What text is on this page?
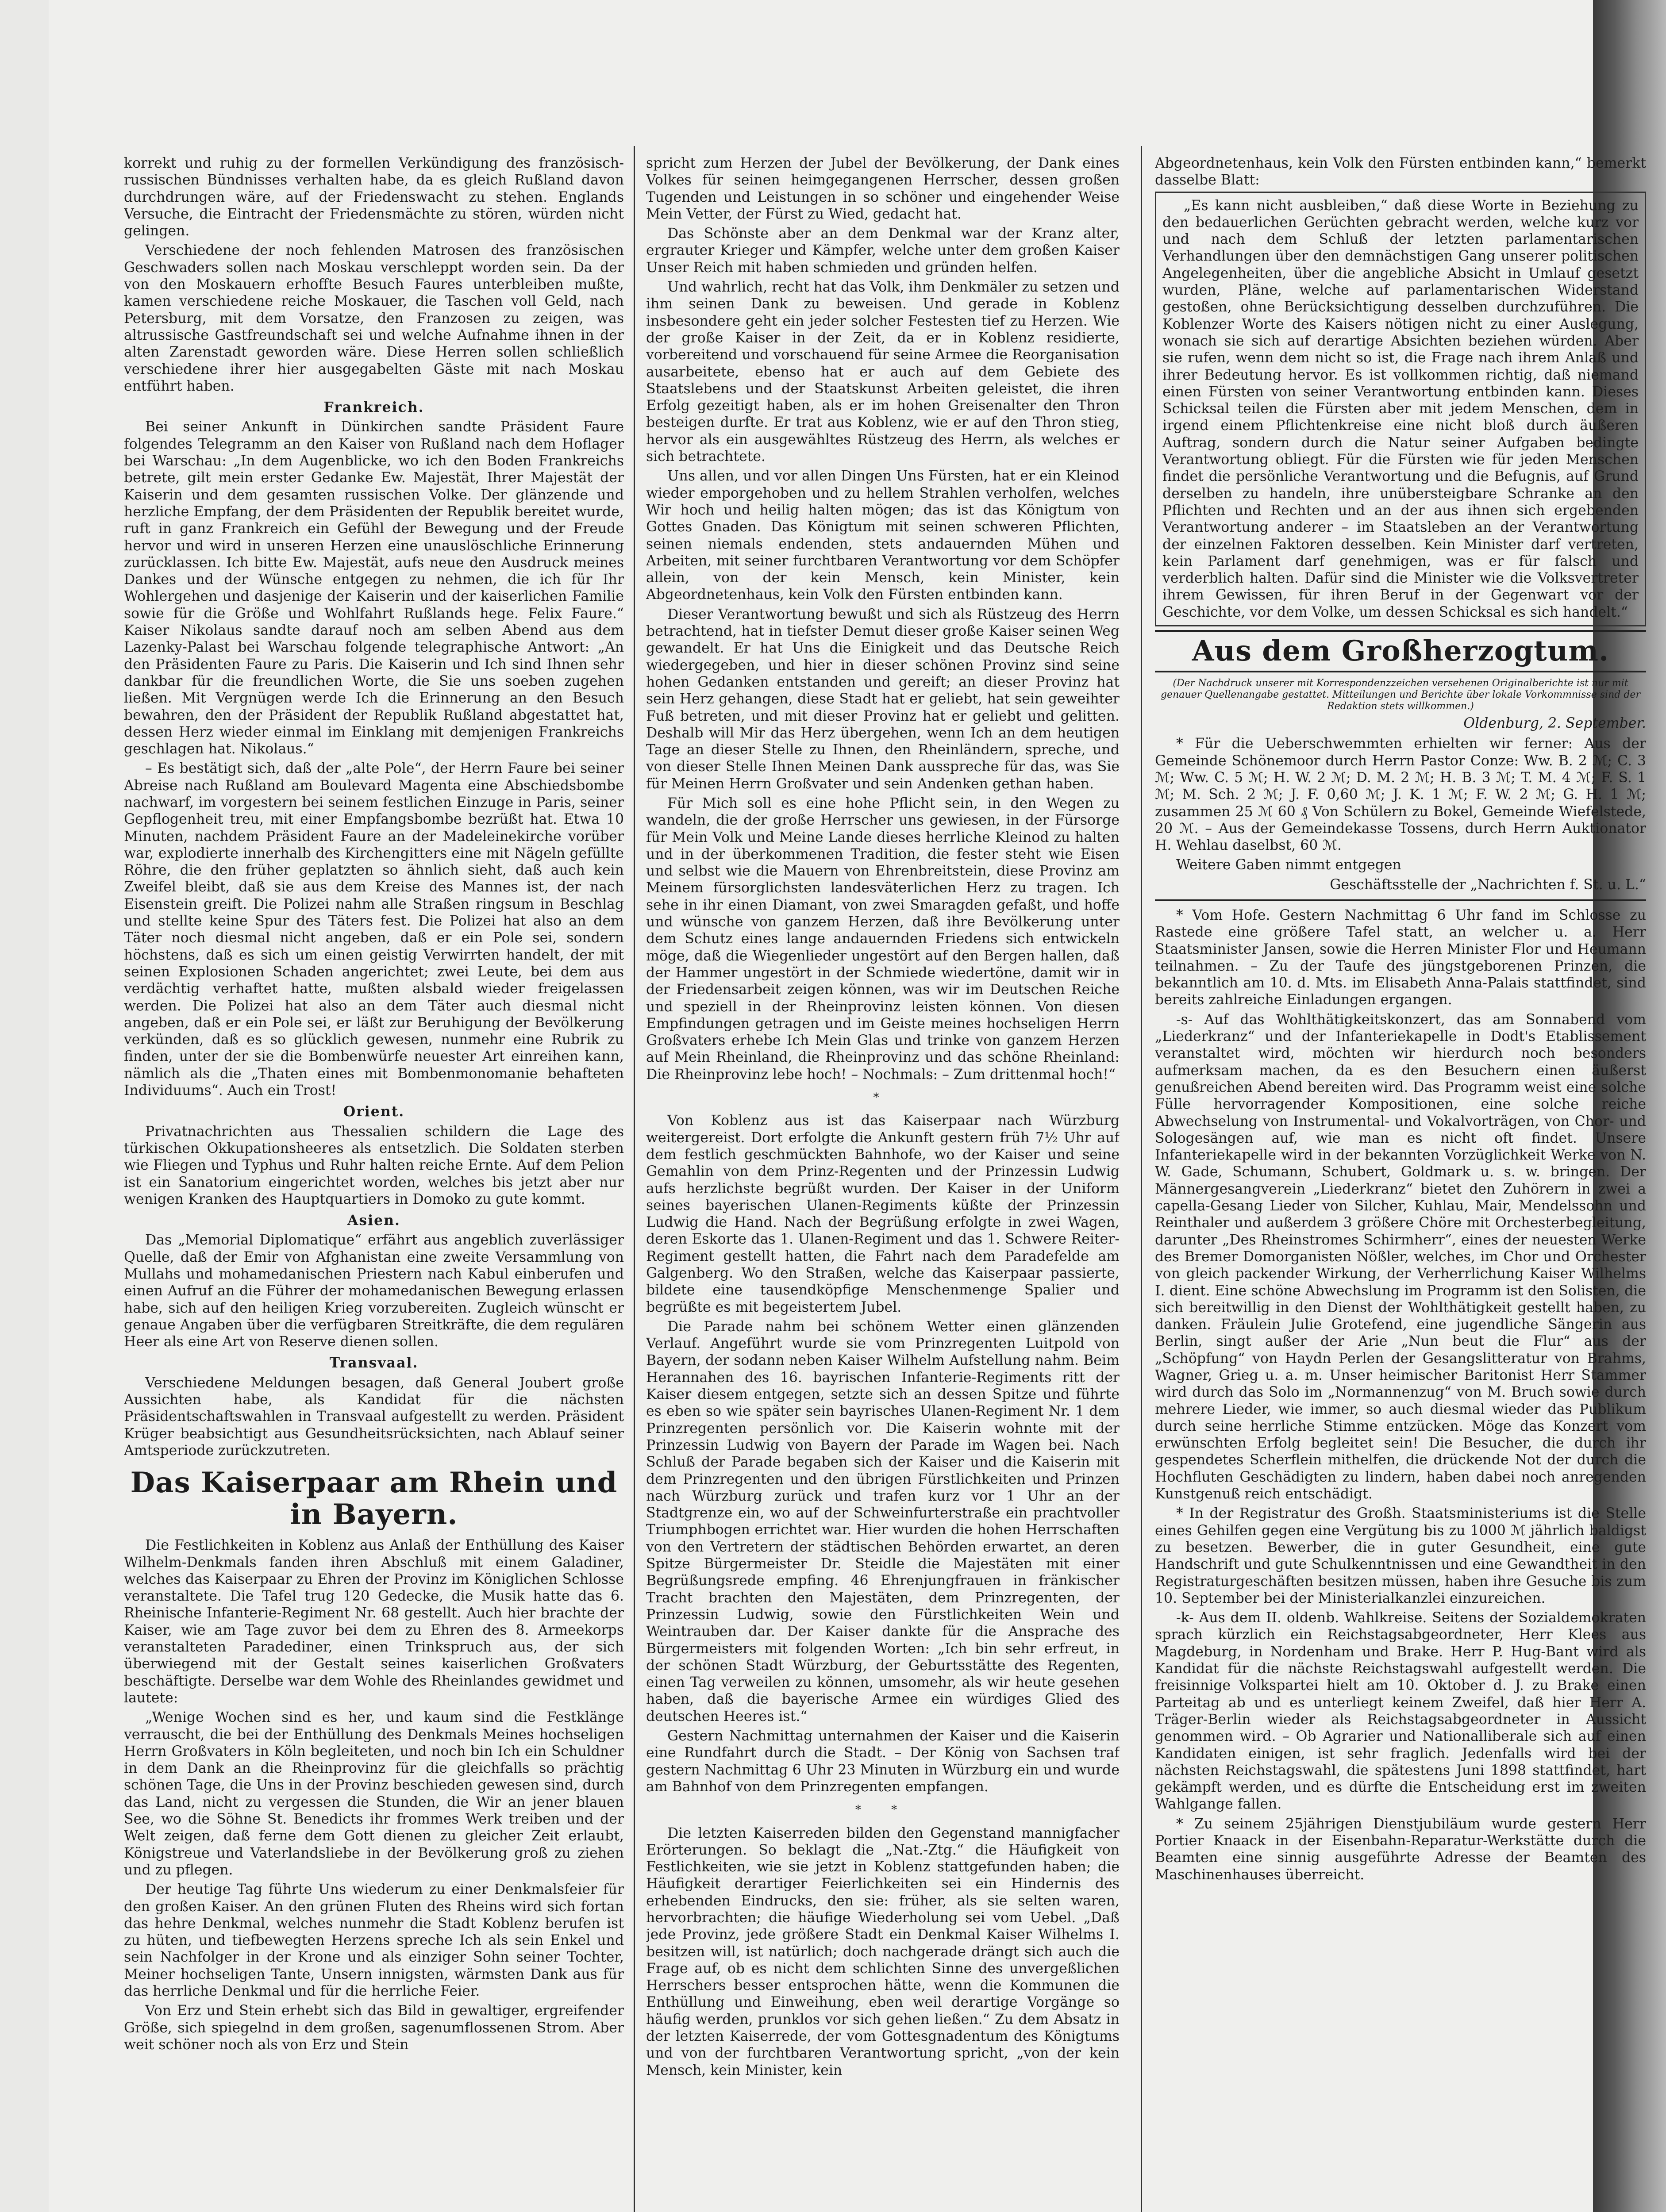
korrekt und ruhig zu der formellen Verkündigung des französisch-russischen Bündnisses verhalten habe, da es gleich Rußland davon durchdrungen wäre, auf der Friedenswacht zu stehen. Englands Versuche, die Eintracht der Friedensmächte zu stören, würden nicht gelingen.

Verschiedene der noch fehlenden Matrosen des französischen Geschwaders sollen nach Moskau verschleppt worden sein. Da der von den Moskauern erhoffte Besuch Faures unterbleiben mußte, kamen verschiedene reiche Moskauer, die Taschen voll Geld, nach Petersburg, mit dem Vorsatze, den Franzosen zu zeigen, was altrussische Gastfreundschaft sei und welche Aufnahme ihnen in der alten Zarenstadt geworden wäre. Diese Herren sollen schließlich verschiedene ihrer hier ausgegabelten Gäste mit nach Moskau entführt haben.

Frankreich.

Bei seiner Ankunft in Dünkirchen sandte Präsident Faure folgendes Telegramm an den Kaiser von Rußland nach dem Hoflager bei Warschau: „In dem Augenblicke, wo ich den Boden Frankreichs betrete, gilt mein erster Gedanke Ew. Majestät, Ihrer Majestät der Kaiserin und dem gesamten russischen Volke. Der glänzende und herzliche Empfang, der dem Präsidenten der Republik bereitet wurde, ruft in ganz Frankreich ein Gefühl der Bewegung und der Freude hervor und wird in unseren Herzen eine unauslöschliche Erinnerung zurücklassen. Ich bitte Ew. Majestät, aufs neue den Ausdruck meines Dankes und der Wünsche entgegen zu nehmen, die ich für Ihr Wohlergehen und dasjenige der Kaiserin und der kaiserlichen Familie sowie für die Größe und Wohlfahrt Rußlands hege. Felix Faure.“ Kaiser Nikolaus sandte darauf noch am selben Abend aus dem Lazenky-Palast bei Warschau folgende telegraphische Antwort: „An den Präsidenten Faure zu Paris. Die Kaiserin und Ich sind Ihnen sehr dankbar für die freundlichen Worte, die Sie uns soeben zugehen ließen. Mit Vergnügen werde Ich die Erinnerung an den Besuch bewahren, den der Präsident der Republik Rußland abgestattet hat, dessen Herz wieder einmal im Einklang mit demjenigen Frankreichs geschlagen hat. Nikolaus.“

– Es bestätigt sich, daß der „alte Pole“, der Herrn Faure bei seiner Abreise nach Rußland am Boulevard Magenta eine Abschiedsbombe nachwarf, im vorgestern bei seinem festlichen Einzuge in Paris, seiner Gepflogenheit treu, mit einer Empfangsbombe bezrüßt hat. Etwa 10 Minuten, nachdem Präsident Faure an der Madeleinekirche vorüber war, explodierte innerhalb des Kirchengitters eine mit Nägeln gefüllte Röhre, die den früher geplatzten so ähnlich sieht, daß auch kein Zweifel bleibt, daß sie aus dem Kreise des Mannes ist, der nach Eisenstein greift. Die Polizei nahm alle Straßen ringsum in Beschlag und stellte keine Spur des Täters fest. Die Polizei hat also an dem Täter noch diesmal nicht angeben, daß er ein Pole sei, sondern höchstens, daß es sich um einen geistig Verwirrten handelt, der mit seinen Explosionen Schaden angerichtet; zwei Leute, bei dem aus verdächtig verhaftet hatte, mußten alsbald wieder freigelassen werden. Die Polizei hat also an dem Täter auch diesmal nicht angeben, daß er ein Pole sei, er läßt zur Beruhigung der Bevölkerung verkünden, daß es so glücklich gewesen, nunmehr eine Rubrik zu finden, unter der sie die Bombenwürfe neuester Art einreihen kann, nämlich als die „Thaten eines mit Bombenmonomanie behafteten Individuums“. Auch ein Trost!

Orient.

Privatnachrichten aus Thessalien schildern die Lage des türkischen Okkupationsheeres als entsetzlich. Die Soldaten sterben wie Fliegen und Typhus und Ruhr halten reiche Ernte. Auf dem Pelion ist ein Sanatorium eingerichtet worden, welches bis jetzt aber nur wenigen Kranken des Hauptquartiers in Domoko zu gute kommt.

Asien.

Das „Memorial Diplomatique“ erfährt aus angeblich zuverlässiger Quelle, daß der Emir von Afghanistan eine zweite Versammlung von Mullahs und mohamedanischen Priestern nach Kabul einberufen und einen Aufruf an die Führer der mohamedanischen Bewegung erlassen habe, sich auf den heiligen Krieg vorzubereiten. Zugleich wünscht er genaue Angaben über die verfügbaren Streitkräfte, die dem regulären Heer als eine Art von Reserve dienen sollen.

Transvaal.

Verschiedene Meldungen besagen, daß General Joubert große Aussichten habe, als Kandidat für die nächsten Präsidentschaftswahlen in Transvaal aufgestellt zu werden. Präsident Krüger beabsichtigt aus Gesundheitsrücksichten, nach Ablauf seiner Amtsperiode zurückzutreten.

Das Kaiserpaar am Rhein und in Bayern.

Die Festlichkeiten in Koblenz aus Anlaß der Enthüllung des Kaiser Wilhelm-Denkmals fanden ihren Abschluß mit einem Galadiner, welches das Kaiserpaar zu Ehren der Provinz im Königlichen Schlosse veranstaltete. Die Tafel trug 120 Gedecke, die Musik hatte das 6. Rheinische Infanterie-Regiment Nr. 68 gestellt. Auch hier brachte der Kaiser, wie am Tage zuvor bei dem zu Ehren des 8. Armeekorps veranstalteten Paradediner, einen Trinkspruch aus, der sich überwiegend mit der Gestalt seines kaiserlichen Großvaters beschäftigte. Derselbe war dem Wohle des Rheinlandes gewidmet und lautete:

„Wenige Wochen sind es her, und kaum sind die Festklänge verrauscht, die bei der Enthüllung des Denkmals Meines hochseligen Herrn Großvaters in Köln begleiteten, und noch bin Ich ein Schuldner in dem Dank an die Rheinprovinz für die gleichfalls so prächtig schönen Tage, die Uns in der Provinz beschieden gewesen sind, durch das Land, nicht zu vergessen die Stunden, die Wir an jener blauen See, wo die Söhne St. Benedicts ihr frommes Werk treiben und der Welt zeigen, daß ferne dem Gott dienen zu gleicher Zeit erlaubt, Königstreue und Vaterlandsliebe in der Bevölkerung groß zu ziehen und zu pflegen.

Der heutige Tag führte Uns wiederum zu einer Denkmalsfeier für den großen Kaiser. An den grünen Fluten des Rheins wird sich fortan das hehre Denkmal, welches nunmehr die Stadt Koblenz berufen ist zu hüten, und tiefbewegten Herzens spreche Ich als sein Enkel und sein Nachfolger in der Krone und als einziger Sohn seiner Tochter, Meiner hochseligen Tante, Unsern innigsten, wärmsten Dank aus für das herrliche Denkmal und für die herrliche Feier.

Von Erz und Stein erhebt sich das Bild in gewaltiger, ergreifender Größe, sich spiegelnd in dem großen, sagenumflossenen Strom. Aber weit schöner noch als von Erz und Stein

spricht zum Herzen der Jubel der Bevölkerung, der Dank eines Volkes für seinen heimgegangenen Herrscher, dessen großen Tugenden und Leistungen in so schöner und eingehender Weise Mein Vetter, der Fürst zu Wied, gedacht hat.

Das Schönste aber an dem Denkmal war der Kranz alter, ergrauter Krieger und Kämpfer, welche unter dem großen Kaiser Unser Reich mit haben schmieden und gründen helfen.

Und wahrlich, recht hat das Volk, ihm Denkmäler zu setzen und ihm seinen Dank zu beweisen. Und gerade in Koblenz insbesondere geht ein jeder solcher Festesten tief zu Herzen. Wie der große Kaiser in der Zeit, da er in Koblenz residierte, vorbereitend und vorschauend für seine Armee die Reorganisation ausarbeitete, ebenso hat er auch auf dem Gebiete des Staatslebens und der Staatskunst Arbeiten geleistet, die ihren Erfolg gezeitigt haben, als er im hohen Greisenalter den Thron besteigen durfte. Er trat aus Koblenz, wie er auf den Thron stieg, hervor als ein ausgewähltes Rüstzeug des Herrn, als welches er sich betrachtete.

Uns allen, und vor allen Dingen Uns Fürsten, hat er ein Kleinod wieder emporgehoben und zu hellem Strahlen verholfen, welches Wir hoch und heilig halten mögen; das ist das Königtum von Gottes Gnaden. Das Königtum mit seinen schweren Pflichten, seinen niemals endenden, stets andauernden Mühen und Arbeiten, mit seiner furchtbaren Verantwortung vor dem Schöpfer allein, von der kein Mensch, kein Minister, kein Abgeordnetenhaus, kein Volk den Fürsten entbinden kann.

Dieser Verantwortung bewußt und sich als Rüstzeug des Herrn betrachtend, hat in tiefster Demut dieser große Kaiser seinen Weg gewandelt. Er hat Uns die Einigkeit und das Deutsche Reich wiedergegeben, und hier in dieser schönen Provinz sind seine hohen Gedanken entstanden und gereift; an dieser Provinz hat sein Herz gehangen, diese Stadt hat er geliebt, hat sein geweihter Fuß betreten, und mit dieser Provinz hat er geliebt und gelitten. Deshalb will Mir das Herz übergehen, wenn Ich an dem heutigen Tage an dieser Stelle zu Ihnen, den Rheinländern, spreche, und von dieser Stelle Ihnen Meinen Dank ausspreche für das, was Sie für Meinen Herrn Großvater und sein Andenken gethan haben.

Für Mich soll es eine hohe Pflicht sein, in den Wegen zu wandeln, die der große Herrscher uns gewiesen, in der Fürsorge für Mein Volk und Meine Lande dieses herrliche Kleinod zu halten und in der überkommenen Tradition, die fester steht wie Eisen und selbst wie die Mauern von Ehrenbreitstein, diese Provinz am Meinem fürsorglichsten landesväterlichen Herz zu tragen. Ich sehe in ihr einen Diamant, von zwei Smaragden gefaßt, und hoffe und wünsche von ganzem Herzen, daß ihre Bevölkerung unter dem Schutz eines lange andauernden Friedens sich entwickeln möge, daß die Wiegenlieder ungestört auf den Bergen hallen, daß der Hammer ungestört in der Schmiede wiedertöne, damit wir in der Friedensarbeit zeigen können, was wir im Deutschen Reiche und speziell in der Rheinprovinz leisten können. Von diesen Empfindungen getragen und im Geiste meines hochseligen Herrn Großvaters erhebe Ich Mein Glas und trinke von ganzem Herzen auf Mein Rheinland, die Rheinprovinz und das schöne Rheinland: Die Rheinprovinz lebe hoch! – Nochmals: – Zum drittenmal hoch!“

*

Von Koblenz aus ist das Kaiserpaar nach Würzburg weitergereist. Dort erfolgte die Ankunft gestern früh 7½ Uhr auf dem festlich geschmückten Bahnhofe, wo der Kaiser und seine Gemahlin von dem Prinz-Regenten und der Prinzessin Ludwig aufs herzlichste begrüßt wurden. Der Kaiser in der Uniform seines bayerischen Ulanen-Regiments küßte der Prinzessin Ludwig die Hand. Nach der Begrüßung erfolgte in zwei Wagen, deren Eskorte das 1. Ulanen-Regiment und das 1. Schwere Reiter-Regiment gestellt hatten, die Fahrt nach dem Paradefelde am Galgenberg. Wo den Straßen, welche das Kaiserpaar passierte, bildete eine tausendköpfige Menschenmenge Spalier und begrüßte es mit begeistertem Jubel.

Die Parade nahm bei schönem Wetter einen glänzenden Verlauf. Angeführt wurde sie vom Prinzregenten Luitpold von Bayern, der sodann neben Kaiser Wilhelm Aufstellung nahm. Beim Herannahen des 16. bayrischen Infanterie-Regiments ritt der Kaiser diesem entgegen, setzte sich an dessen Spitze und führte es eben so wie später sein bayrisches Ulanen-Regiment Nr. 1 dem Prinzregenten persönlich vor. Die Kaiserin wohnte mit der Prinzessin Ludwig von Bayern der Parade im Wagen bei. Nach Schluß der Parade begaben sich der Kaiser und die Kaiserin mit dem Prinzregenten und den übrigen Fürstlichkeiten und Prinzen nach Würzburg zurück und trafen kurz vor 1 Uhr an der Stadtgrenze ein, wo auf der Schweinfurterstraße ein prachtvoller Triumphbogen errichtet war. Hier wurden die hohen Herrschaften von den Vertretern der städtischen Behörden erwartet, an deren Spitze Bürgermeister Dr. Steidle die Majestäten mit einer Begrüßungsrede empfing. 46 Ehrenjungfrauen in fränkischer Tracht brachten den Majestäten, dem Prinzregenten, der Prinzessin Ludwig, sowie den Fürstlichkeiten Wein und Weintrauben dar. Der Kaiser dankte für die Ansprache des Bürgermeisters mit folgenden Worten: „Ich bin sehr erfreut, in der schönen Stadt Würzburg, der Geburtsstätte des Regenten, einen Tag verweilen zu können, umsomehr, als wir heute gesehen haben, daß die bayerische Armee ein würdiges Glied des deutschen Heeres ist.“

Gestern Nachmittag unternahmen der Kaiser und die Kaiserin eine Rundfahrt durch die Stadt. – Der König von Sachsen traf gestern Nachmittag 6 Uhr 23 Minuten in Würzburg ein und wurde am Bahnhof von dem Prinzregenten empfangen.

* *

Die letzten Kaiserreden bilden den Gegenstand mannigfacher Erörterungen. So beklagt die „Nat.-Ztg.“ die Häufigkeit von Festlichkeiten, wie sie jetzt in Koblenz stattgefunden haben; die Häufigkeit derartiger Feierlichkeiten sei ein Hindernis des erhebenden Eindrucks, den sie: früher, als sie selten waren, hervorbrachten; die häufige Wiederholung sei vom Uebel. „Daß jede Provinz, jede größere Stadt ein Denkmal Kaiser Wilhelms I. besitzen will, ist natürlich; doch nachgerade drängt sich auch die Frage auf, ob es nicht dem schlichten Sinne des unvergeßlichen Herrschers besser entsprochen hätte, wenn die Kommunen die Enthüllung und Einweihung, eben weil derartige Vorgänge so häufig werden, prunklos vor sich gehen ließen.“ Zu dem Absatz in der letzten Kaiserrede, der vom Gottesgnadentum des Königtums und von der furchtbaren Verantwortung spricht, „von der kein Mensch, kein Minister, kein

Abgeordnetenhaus, kein Volk den Fürsten entbinden kann,“ bemerkt dasselbe Blatt:

„Es kann nicht ausbleiben,“ daß diese Worte in Beziehung zu den bedauerlichen Gerüchten gebracht werden, welche kurz vor und nach dem Schluß der letzten parlamentarischen Verhandlungen über den demnächstigen Gang unserer politischen Angelegenheiten, über die angebliche Absicht in Umlauf gesetzt wurden, Pläne, welche auf parlamentarischen Widerstand gestoßen, ohne Berücksichtigung desselben durchzuführen. Die Koblenzer Worte des Kaisers nötigen nicht zu einer Auslegung, wonach sie sich auf derartige Absichten beziehen würden. Aber sie rufen, wenn dem nicht so ist, die Frage nach ihrem Anlaß und ihrer Bedeutung hervor. Es ist vollkommen richtig, daß niemand einen Fürsten von seiner Verantwortung entbinden kann. Dieses Schicksal teilen die Fürsten aber mit jedem Menschen, dem in irgend einem Pflichtenkreise eine nicht bloß durch äußeren Auftrag, sondern durch die Natur seiner Aufgaben bedingte Verantwortung obliegt. Für die Fürsten wie für jeden Menschen findet die persönliche Verantwortung und die Befugnis, auf Grund derselben zu handeln, ihre unübersteigbare Schranke an den Pflichten und Rechten und an der aus ihnen sich ergebenden Verantwortung anderer – im Staatsleben an der Verantwortung der einzelnen Faktoren desselben. Kein Minister darf vertreten, kein Parlament darf genehmigen, was er für falsch und verderblich halten. Dafür sind die Minister wie die Volksvertreter ihrem Gewissen, für ihren Beruf in der Gegenwart vor der Geschichte, vor dem Volke, um dessen Schicksal es sich handelt.“

Aus dem Großherzogtum.
(Der Nachdruck unserer mit Korrespondenzzeichen versehenen Originalberichte ist nur mit genauer Quellenangabe gestattet. Mitteilungen und Berichte über lokale Vorkommnisse sind der Redaktion stets willkommen.)
Oldenburg, 2. September.

* Für die Ueberschwemmten erhielten wir ferner: Aus der Gemeinde Schönemoor durch Herrn Pastor Conze: Ww. B. 2 ℳ; C. 3 ℳ; Ww. C. 5 ℳ; H. W. 2 ℳ; D. M. 2 ℳ; H. B. 3 ℳ; T. M. 4 ℳ; F. S. 1 ℳ; M. Sch. 2 ℳ; J. F. 0,60 ℳ; J. K. 1 ℳ; F. W. 2 ℳ; G. H. 1 ℳ; zusammen 25 ℳ 60 ₰ Von Schülern zu Bokel, Gemeinde Wiefelstede, 20 ℳ. – Aus der Gemeindekasse Tossens, durch Herrn Auktionator H. Wehlau daselbst, 60 ℳ.

Weitere Gaben nimmt entgegen

Geschäftsstelle der „Nachrichten f. St. u. L.“

* Vom Hofe. Gestern Nachmittag 6 Uhr fand im Schlosse zu Rastede eine größere Tafel statt, an welcher u. a. Herr Staatsminister Jansen, sowie die Herren Minister Flor und Heumann teilnahmen. – Zu der Taufe des jüngstgeborenen Prinzen, die bekanntlich am 10. d. Mts. im Elisabeth Anna-Palais stattfindet, sind bereits zahlreiche Einladungen ergangen.

-s- Auf das Wohlthätigkeitskonzert, das am Sonnabend vom „Liederkranz“ und der Infanteriekapelle in Dodt's Etablissement veranstaltet wird, möchten wir hierdurch noch besonders aufmerksam machen, da es den Besuchern einen äußerst genußreichen Abend bereiten wird. Das Programm weist eine solche Fülle hervorragender Kompositionen, eine solche reiche Abwechselung von Instrumental- und Vokalvorträgen, von Chor- und Sologesängen auf, wie man es nicht oft findet. Unsere Infanteriekapelle wird in der bekannten Vorzüglichkeit Werke von N. W. Gade, Schumann, Schubert, Goldmark u. s. w. bringen. Der Männergesangverein „Liederkranz“ bietet den Zuhörern in zwei a capella-Gesang Lieder von Silcher, Kuhlau, Mair, Mendelssohn und Reinthaler und außerdem 3 größere Chöre mit Orchesterbegleitung, darunter „Des Rheinstromes Schirmherr“, eines der neuesten Werke des Bremer Domorganisten Nößler, welches, im Chor und Orchester von gleich packender Wirkung, der Verherrlichung Kaiser Wilhelms I. dient. Eine schöne Abwechslung im Programm ist den Solisten, die sich bereitwillig in den Dienst der Wohlthätigkeit gestellt haben, zu danken. Fräulein Julie Grotefend, eine jugendliche Sängerin aus Berlin, singt außer der Arie „Nun beut die Flur“ aus der „Schöpfung“ von Haydn Perlen der Gesangslitteratur von Brahms, Wagner, Grieg u. a. m. Unser heimischer Baritonist Herr Stammer wird durch das Solo im „Normannenzug“ von M. Bruch sowie durch mehrere Lieder, wie immer, so auch diesmal wieder das Publikum durch seine herrliche Stimme entzücken. Möge das Konzert vom erwünschten Erfolg begleitet sein! Die Besucher, die durch ihr gespendetes Scherflein mithelfen, die drückende Not der durch die Hochfluten Geschädigten zu lindern, haben dabei noch anregenden Kunstgenuß reich entschädigt.

* In der Registratur des Großh. Staatsministeriums ist die Stelle eines Gehilfen gegen eine Vergütung bis zu 1000 ℳ jährlich baldigst zu besetzen. Bewerber, die in guter Gesundheit, eine gute Handschrift und gute Schulkenntnissen und eine Gewandtheit in den Registraturgeschäften besitzen müssen, haben ihre Gesuche bis zum 10. September bei der Ministerialkanzlei einzureichen.

-k- Aus dem II. oldenb. Wahlkreise. Seitens der Sozialdemokraten sprach kürzlich ein Reichstagsabgeordneter, Herr Klees aus Magdeburg, in Nordenham und Brake. Herr P. Hug-Bant wird als Kandidat für die nächste Reichstagswahl aufgestellt werden. Die freisinnige Volkspartei hielt am 10. Oktober d. J. zu Brake einen Parteitag ab und es unterliegt keinem Zweifel, daß hier Herr A. Träger-Berlin wieder als Reichstagsabgeordneter in Aussicht genommen wird. – Ob Agrarier und Nationalliberale sich auf einen Kandidaten einigen, ist sehr fraglich. Jedenfalls wird bei der nächsten Reichstagswahl, die spätestens Juni 1898 stattfindet, hart gekämpft werden, und es dürfte die Entscheidung erst im zweiten Wahlgange fallen.

* Zu seinem 25jährigen Dienstjubiläum wurde gestern Herr Portier Knaack in der Eisenbahn-Reparatur-Werkstätte durch die Beamten eine sinnig ausgeführte Adresse der Beamten des Maschinenhauses überreicht.
